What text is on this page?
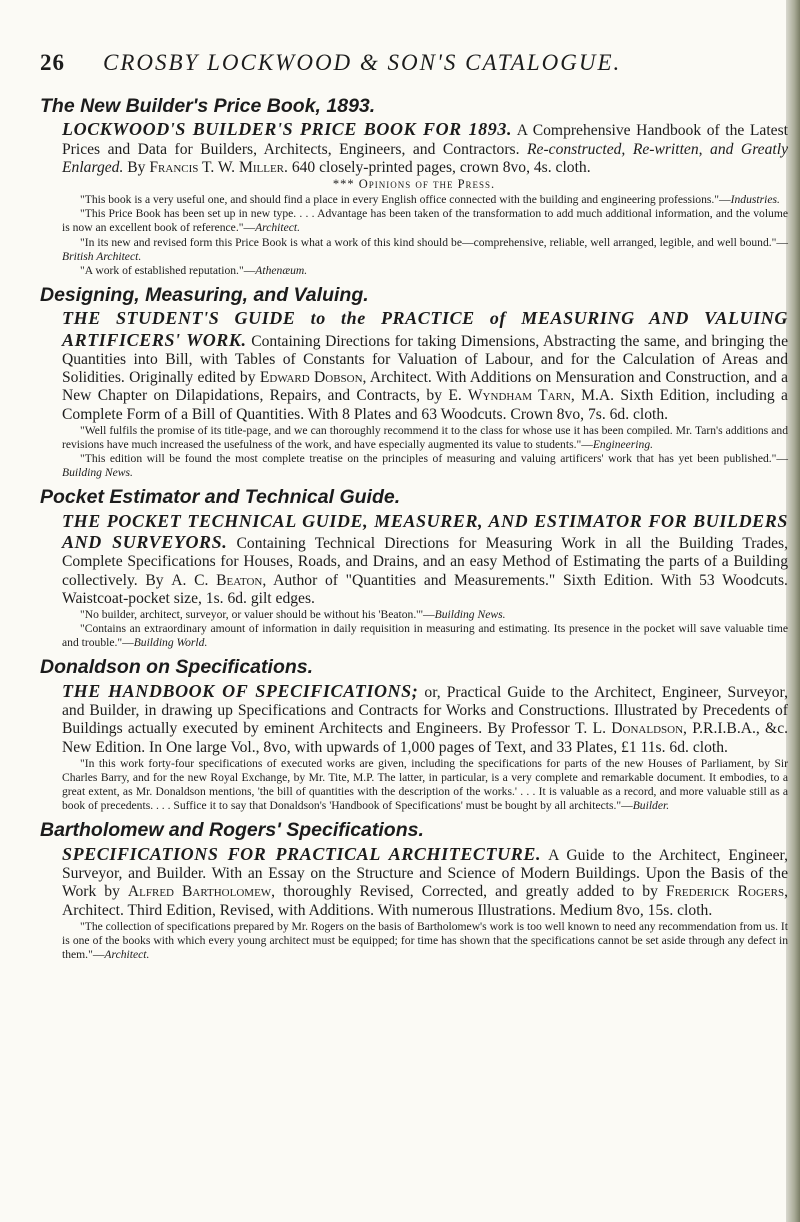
26 CROSBY LOCKWOOD & SON'S CATALOGUE.
The New Builder's Price Book, 1893.

LOCKWOOD'S BUILDER'S PRICE BOOK FOR 1893. A Comprehensive Handbook of the Latest Prices and Data for Builders, Architects, Engineers, and Contractors. Re-constructed, Re-written, and Greatly Enlarged. By Francis T. W. Miller. 640 closely-printed pages, crown 8vo, 4s. cloth.

*** Opinions of the Press.

"This book is a very useful one, and should find a place in every English office connected with the building and engineering professions."—Industries.

"This Price Book has been set up in new type. . . . Advantage has been taken of the transformation to add much additional information, and the volume is now an excellent book of reference."—Architect.

"In its new and revised form this Price Book is what a work of this kind should be—comprehensive, reliable, well arranged, legible, and well bound."—British Architect.

"A work of established reputation."—Athenæum.

Designing, Measuring, and Valuing.

THE STUDENT'S GUIDE to the PRACTICE of MEASURING AND VALUING ARTIFICERS' WORK. Containing Directions for taking Dimensions, Abstracting the same, and bringing the Quantities into Bill, with Tables of Constants for Valuation of Labour, and for the Calculation of Areas and Solidities. Originally edited by Edward Dobson, Architect. With Additions on Mensuration and Construction, and a New Chapter on Dilapidations, Repairs, and Contracts, by E. Wyndham Tarn, M.A. Sixth Edition, including a Complete Form of a Bill of Quantities. With 8 Plates and 63 Woodcuts. Crown 8vo, 7s. 6d. cloth.

"Well fulfils the promise of its title-page, and we can thoroughly recommend it to the class for whose use it has been compiled. Mr. Tarn's additions and revisions have much increased the usefulness of the work, and have especially augmented its value to students."—Engineering.

"This edition will be found the most complete treatise on the principles of measuring and valuing artificers' work that has yet been published."—Building News.

Pocket Estimator and Technical Guide.

THE POCKET TECHNICAL GUIDE, MEASURER, AND ESTIMATOR FOR BUILDERS AND SURVEYORS. Containing Technical Directions for Measuring Work in all the Building Trades, Complete Specifications for Houses, Roads, and Drains, and an easy Method of Estimating the parts of a Building collectively. By A. C. Beaton, Author of "Quantities and Measurements." Sixth Edition. With 53 Woodcuts. Waistcoat-pocket size, 1s. 6d. gilt edges.

"No builder, architect, surveyor, or valuer should be without his 'Beaton.'"—Building News.

"Contains an extraordinary amount of information in daily requisition in measuring and estimating. Its presence in the pocket will save valuable time and trouble."—Building World.

Donaldson on Specifications.

THE HANDBOOK OF SPECIFICATIONS; or, Practical Guide to the Architect, Engineer, Surveyor, and Builder, in drawing up Specifications and Contracts for Works and Constructions. Illustrated by Precedents of Buildings actually executed by eminent Architects and Engineers. By Professor T. L. Donaldson, P.R.I.B.A., &c. New Edition. In One large Vol., 8vo, with upwards of 1,000 pages of Text, and 33 Plates, £1 11s. 6d. cloth.

"In this work forty-four specifications of executed works are given, including the specifications for parts of the new Houses of Parliament, by Sir Charles Barry, and for the new Royal Exchange, by Mr. Tite, M.P. The latter, in particular, is a very complete and remarkable document. It embodies, to a great extent, as Mr. Donaldson mentions, 'the bill of quantities with the description of the works.' . . . It is valuable as a record, and more valuable still as a book of precedents. . . . Suffice it to say that Donaldson's 'Handbook of Specifications' must be bought by all architects."—Builder.

Bartholomew and Rogers' Specifications.

SPECIFICATIONS FOR PRACTICAL ARCHITECTURE. A Guide to the Architect, Engineer, Surveyor, and Builder. With an Essay on the Structure and Science of Modern Buildings. Upon the Basis of the Work by Alfred Bartholomew, thoroughly Revised, Corrected, and greatly added to by Frederick Rogers, Architect. Third Edition, Revised, with Additions. With numerous Illustrations. Medium 8vo, 15s. cloth.

"The collection of specifications prepared by Mr. Rogers on the basis of Bartholomew's work is too well known to need any recommendation from us. It is one of the books with which every young architect must be equipped; for time has shown that the specifications cannot be set aside through any defect in them."—Architect.
